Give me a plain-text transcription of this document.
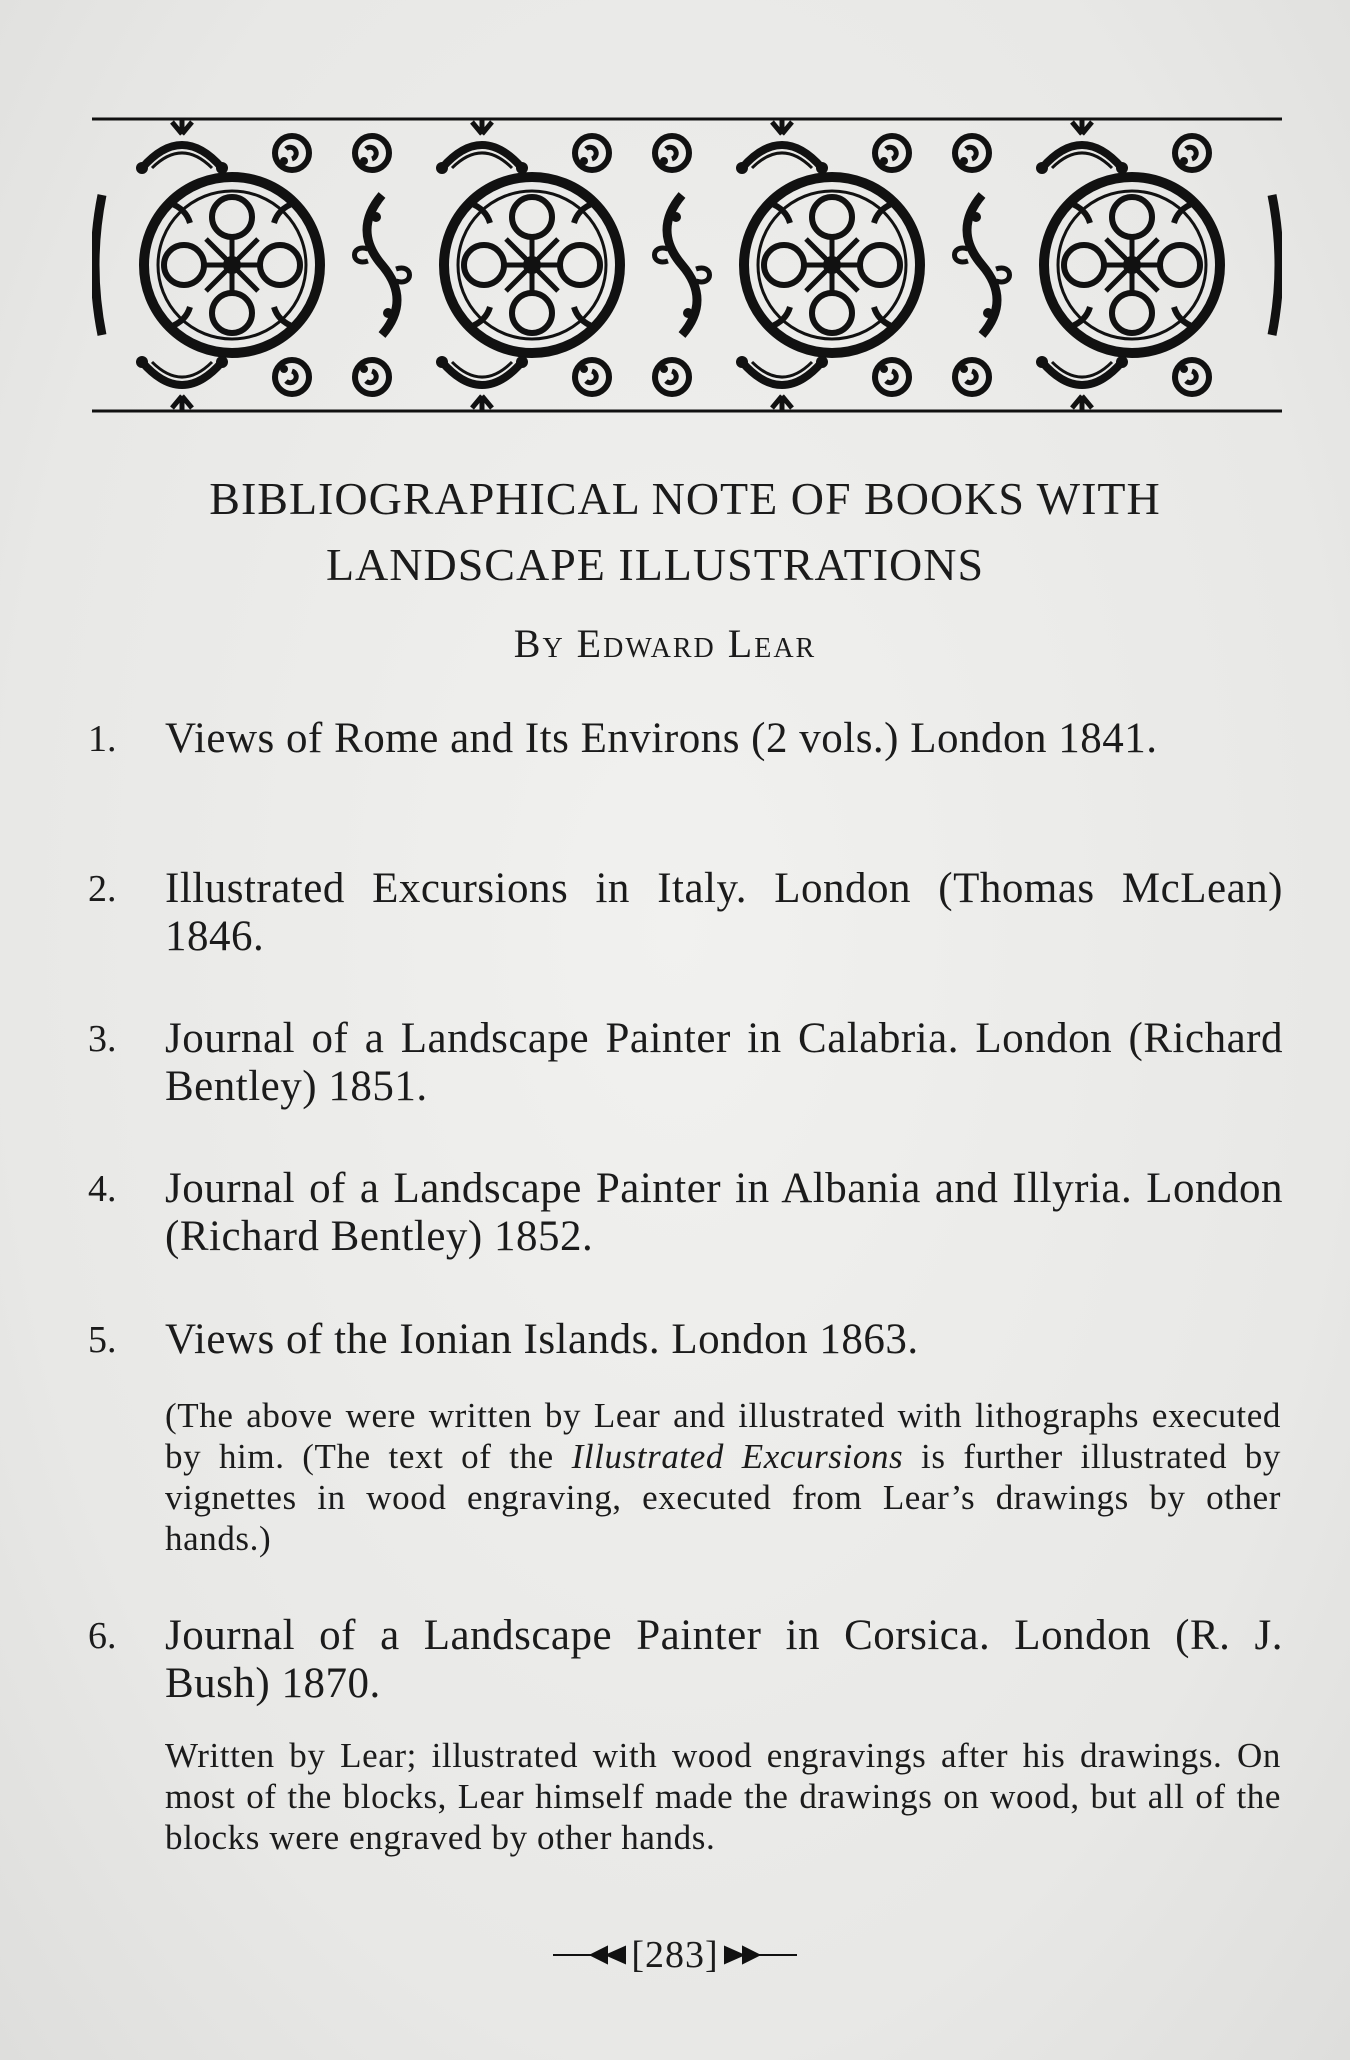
BIBLIOGRAPHICAL NOTE OF BOOKS WITH
LANDSCAPE ILLUSTRATIONS
By Edward Lear
1. Views of Rome and Its Environs (2 vols.) London 1841.
2. Illustrated Excursions in Italy. London (Thomas McLean) 1846.
3. Journal of a Landscape Painter in Calabria. London (Richard Bentley) 1851.
4. Journal of a Landscape Painter in Albania and Illyria. London (Richard Bentley) 1852.
5. Views of the Ionian Islands. London 1863.
(The above were written by Lear and illustrated with lithographs executed by him. (The text of the Illustrated Excursions is further illustrated by vignettes in wood engraving, executed from Lear’s drawings by other hands.)
6. Journal of a Landscape Painter in Corsica. London (R. J. Bush) 1870.
Written by Lear; illustrated with wood engravings after his drawings. On most of the blocks, Lear himself made the drawings on wood, but all of the blocks were engraved by other hands.
[283]
